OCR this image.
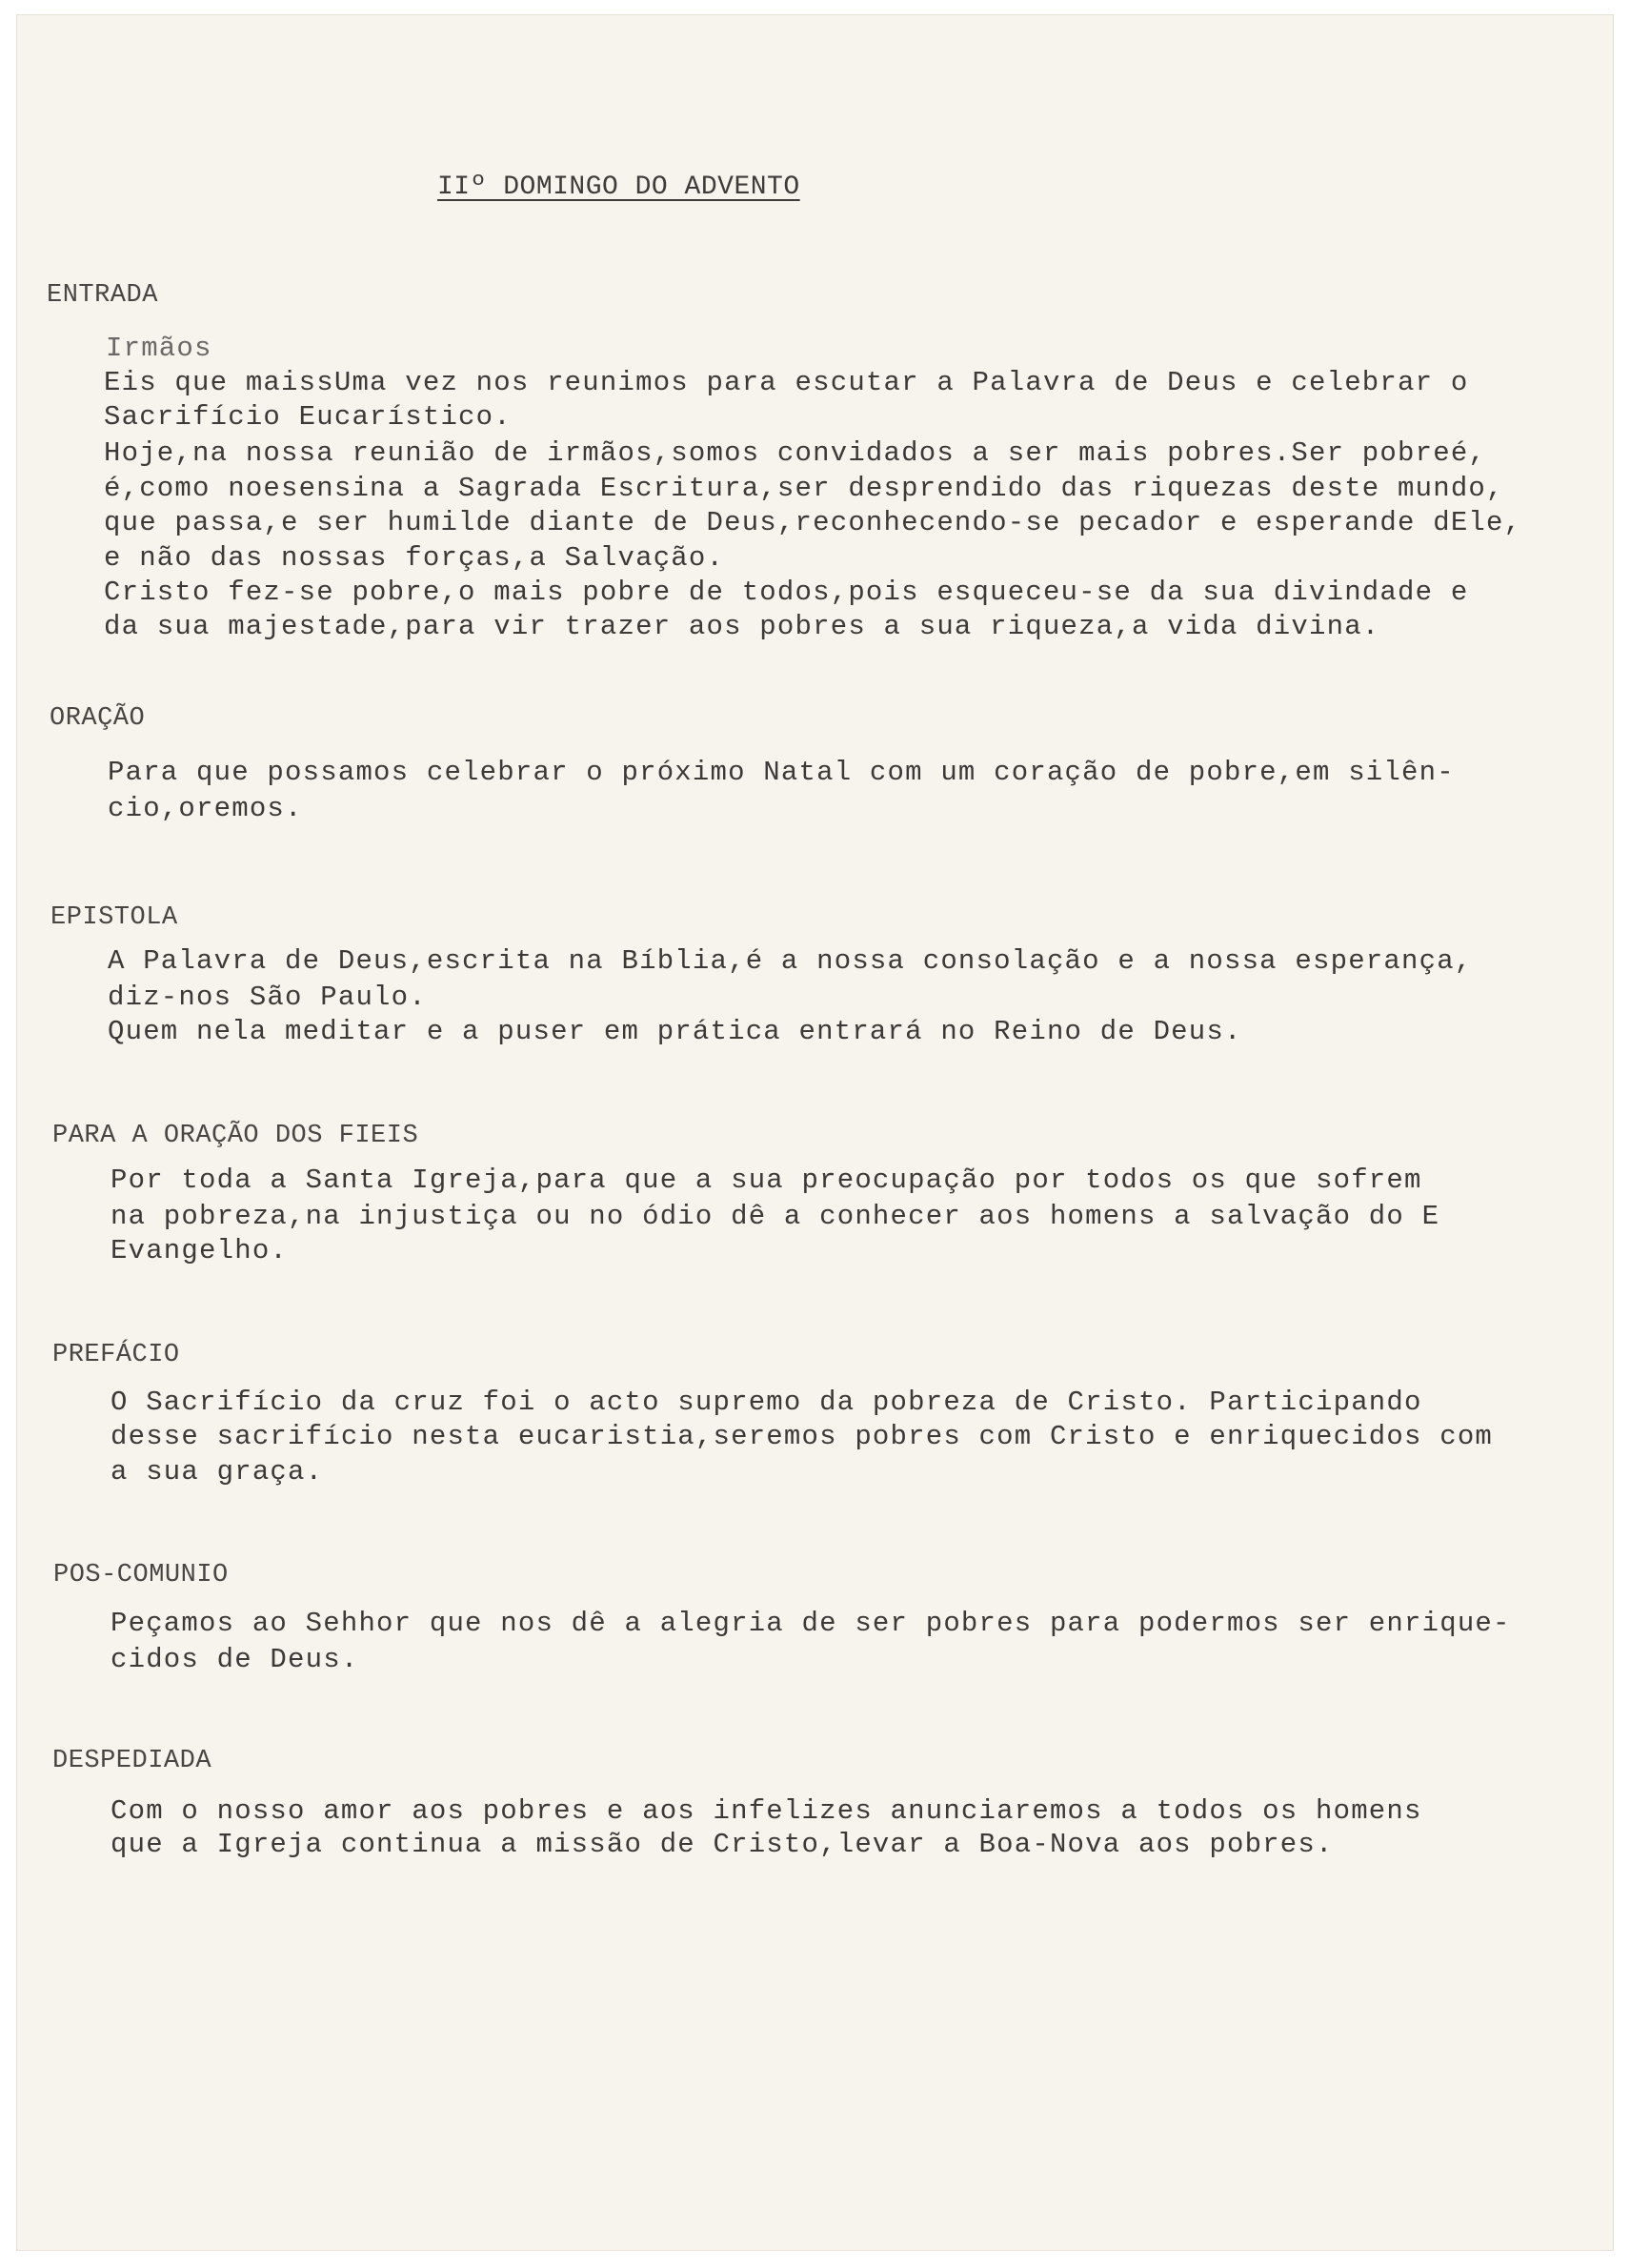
IIº DOMINGO DO ADVENTO
ENTRADA
Irmãos
Eis que maissUma vez nos reunimos para escutar a Palavra de Deus e celebrar o
Sacrifício Eucarístico.
Hoje,na nossa reunião de irmãos,somos convidados a ser mais pobres.Ser pobreé,
é,como noesensina a Sagrada Escritura,ser desprendido das riquezas deste mundo,
que passa,e ser humilde diante de Deus,reconhecendo-se pecador e esperande dEle,
e não das nossas forças,a Salvação.
Cristo fez-se pobre,o mais pobre de todos,pois esqueceu-se da sua divindade e
da sua majestade,para vir trazer aos pobres a sua riqueza,a vida divina.
ORAÇÃO
Para que possamos celebrar o próximo Natal com um coração de pobre,em silên-
cio,oremos.
EPISTOLA
A Palavra de Deus,escrita na Bíblia,é a nossa consolação e a nossa esperança,
diz-nos São Paulo.
Quem nela meditar e a puser em prática entrará no Reino de Deus.
PARA A ORAÇÃO DOS FIEIS
Por toda a Santa Igreja,para que a sua preocupação por todos os que sofrem
na pobreza,na injustiça ou no ódio dê a conhecer aos homens a salvação do E
Evangelho.
PREFÁCIO
O Sacrifício da cruz foi o acto supremo da pobreza de Cristo. Participando
desse sacrifício nesta eucaristia,seremos pobres com Cristo e enriquecidos com
a sua graça.
POS-COMUNIO
Peçamos ao Sehhor que nos dê a alegria de ser pobres para podermos ser enrique-
cidos de Deus.
DESPEDIADA
Com o nosso amor aos pobres e aos infelizes anunciaremos a todos os homens
que a Igreja continua a missão de Cristo,levar a Boa-Nova aos pobres.
